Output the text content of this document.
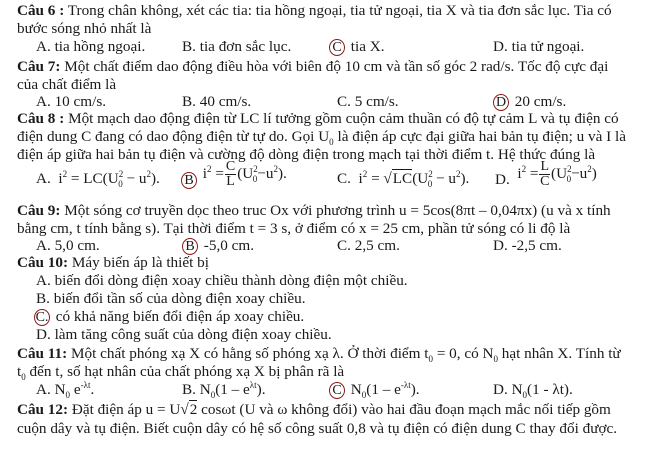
Câu 6 : Trong chân không, xét các tia: tia hồng ngoại, tia tử ngoại, tia X và tia đơn sắc lục. Tia có
bước sóng nhỏ nhất là
A. tia hồng ngoại. B. tia đơn sắc lục.	C tia X.	D. tia tử ngoại.
Câu 7: Một chất điểm dao động điều hòa với biên độ 10 cm và tần số góc 2 rad/s. Tốc độ cực đại
của chất điểm là
A. 10 cm/s.	B. 40 cm/s.	C. 5 cm/s.	D 20 cm/s.
Câu 8 : Một mạch dao động điện từ LC lí tưởng gồm cuộn cảm thuần có độ tự cảm L và tụ điện có
điện dung C đang có dao động điện từ tự do. Gọi $U_0$ là điện áp cực đại giữa hai bản tụ điện; u và I là
điện áp giữa hai bản tụ điện và cường độ dòng điện trong mạch tại thời điểm t. Hệ thức đúng là
A.  $i^2 = LC(U^2_0 - u^2)$. B $i^2 = \frac{C}{L} (U^2_0-u^2)$.	C.  $i^2 = √LC(U^2_0 - u^2)$. D.  $i^2 = \frac{L}{C} (U^2_0-u^2)$
Câu 9: Một sóng cơ truyền dọc theo truc Ox với phương trình u = 5cos(8πt – 0,04πx) (u và x tính
bằng cm, t tính bằng s). Tại thời điểm t = 3 s, ở điểm có x = 25 cm, phần tử sóng có li độ là
A. 5,0 cm.	B -5,0 cm.	C. 2,5 cm.	D. -2,5 cm.
Câu 10: Máy biến áp là thiết bị
A. biến đổi dòng điện xoay chiều thành dòng điện một chiều.
B. biến đổi tần số của dòng điện xoay chiều.
C. có khả năng biến đổi điện áp xoay chiều.
D. làm tăng công suất của dòng điện xoay chiều.
Câu 11: Một chất phóng xạ X có hằng số phóng xạ λ. Ở thời điểm $t_0 = 0$, có $N_0$ hạt nhân X. Tính từ
$t_0$ đến t, số hạt nhân của chất phóng xạ X bị phân rã là
A. $N_0$ $e^{-\lambda t}$.	B. $N_0(1 - e^{\lambda t})$.	C $N_0(1 - e^{-\lambda t})$.	D. $N_0(1 - \lambda t)$.
Câu 12: Đặt điện áp u = U√2 cosωt (U và ω không đổi) vào hai đầu đoạn mạch mắc nối tiếp gồm
cuộn dây và tụ điện. Biết cuộn dây có hệ số công suất 0,8 và tụ điện có điện dung C thay đổi được.
